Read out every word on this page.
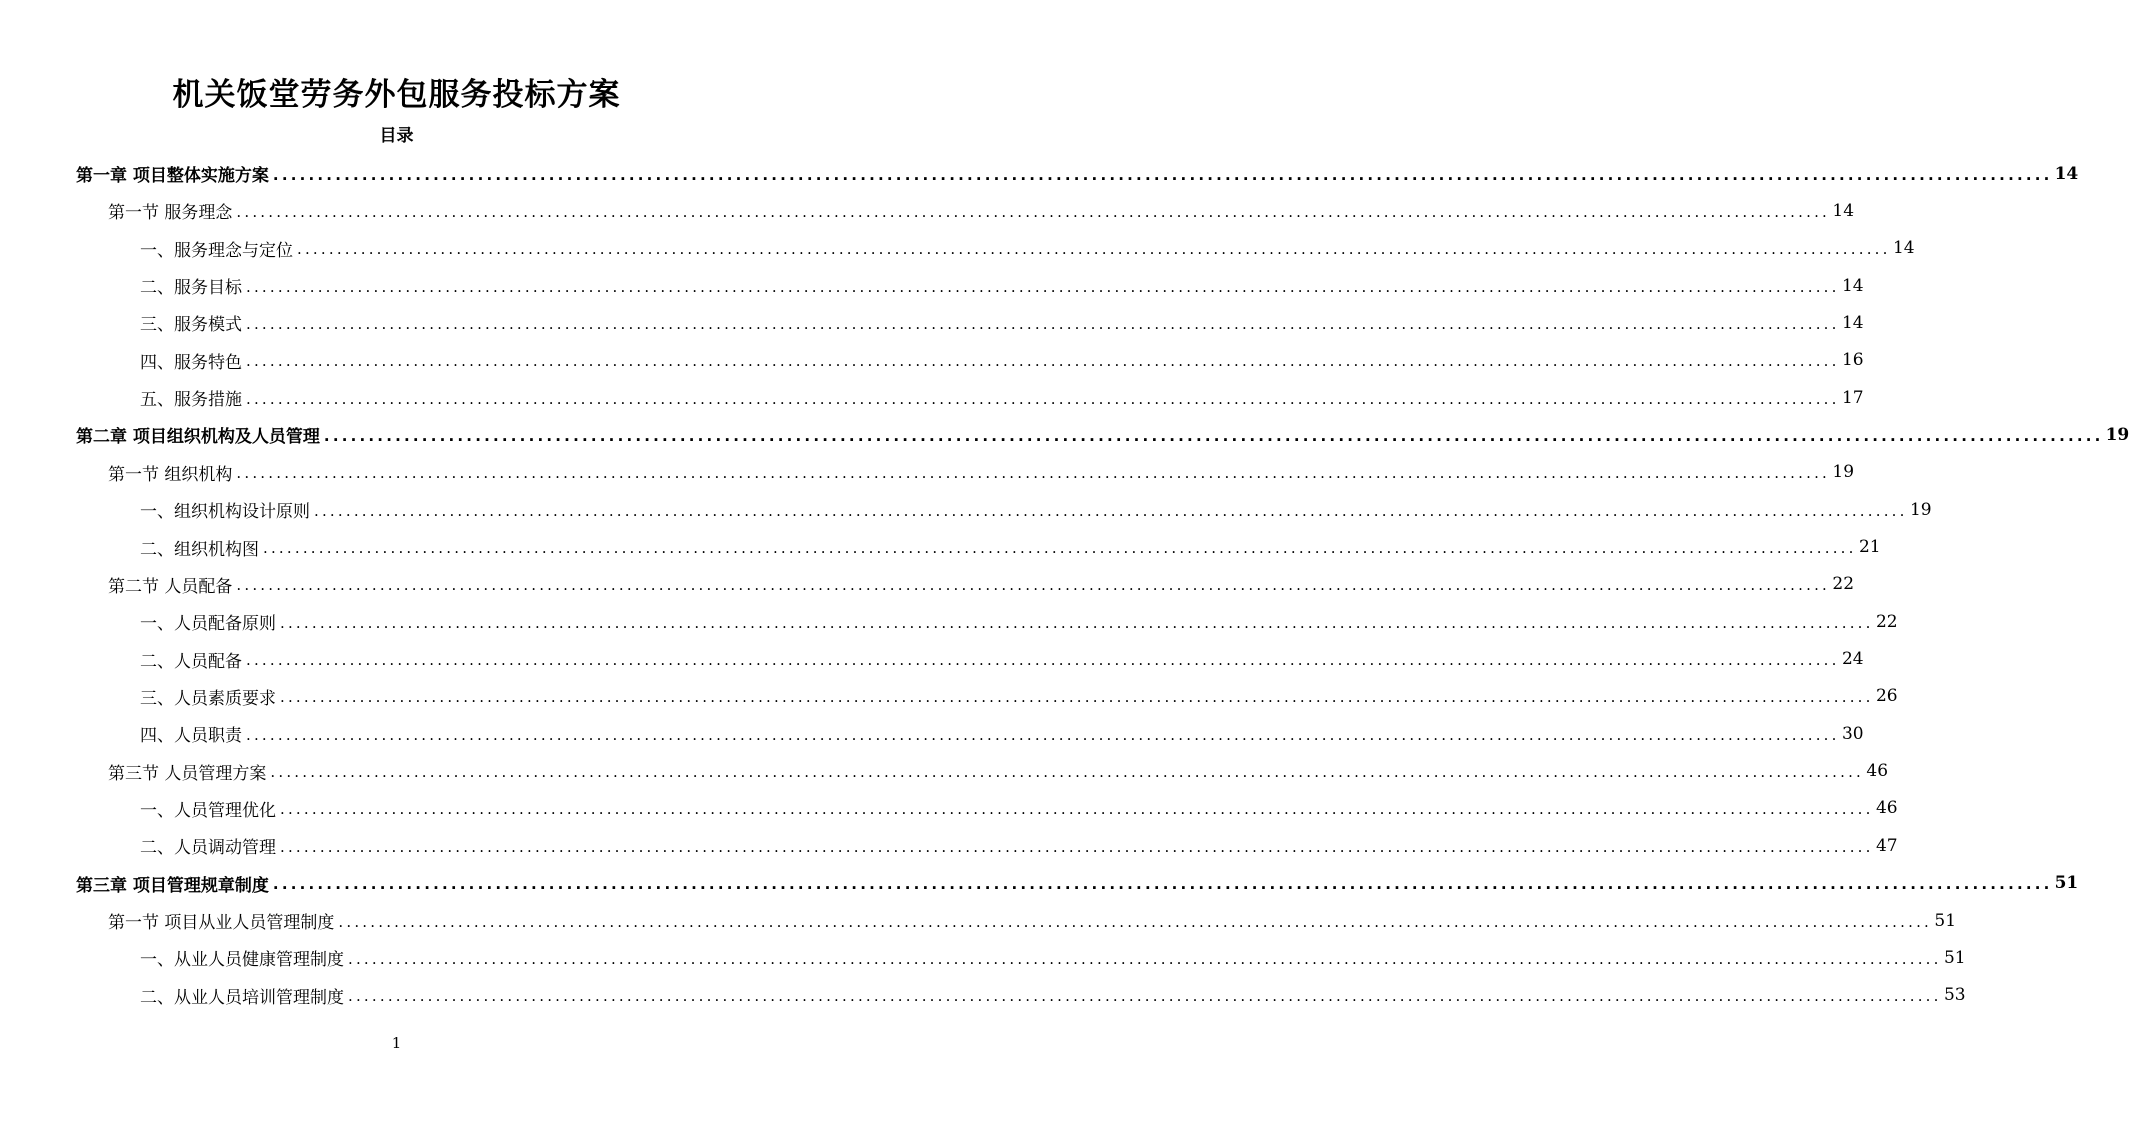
机关饭堂劳务外包服务投标方案
目录
第一章 项目整体实施方案 ........................................................................................................................................................................................................ 14
第一节 服务理念 ........................................................................................................................................................................................................ 14
一、服务理念与定位 ........................................................................................................................................................................................................ 14
二、服务目标 ........................................................................................................................................................................................................ 14
三、服务模式 ........................................................................................................................................................................................................ 14
四、服务特色 ........................................................................................................................................................................................................ 16
五、服务措施 ........................................................................................................................................................................................................ 17
第二章 项目组织机构及人员管理 ........................................................................................................................................................................................................ 19
第一节 组织机构 ........................................................................................................................................................................................................ 19
一、组织机构设计原则 ........................................................................................................................................................................................................ 19
二、组织机构图 ........................................................................................................................................................................................................ 21
第二节 人员配备 ........................................................................................................................................................................................................ 22
一、人员配备原则 ........................................................................................................................................................................................................ 22
二、人员配备 ........................................................................................................................................................................................................ 24
三、人员素质要求 ........................................................................................................................................................................................................ 26
四、人员职责 ........................................................................................................................................................................................................ 30
第三节 人员管理方案 ........................................................................................................................................................................................................ 46
一、人员管理优化 ........................................................................................................................................................................................................ 46
二、人员调动管理 ........................................................................................................................................................................................................ 47
第三章 项目管理规章制度 ........................................................................................................................................................................................................ 51
第一节 项目从业人员管理制度 ........................................................................................................................................................................................................ 51
一、从业人员健康管理制度 ........................................................................................................................................................................................................ 51
二、从业人员培训管理制度 ........................................................................................................................................................................................................ 53
1
